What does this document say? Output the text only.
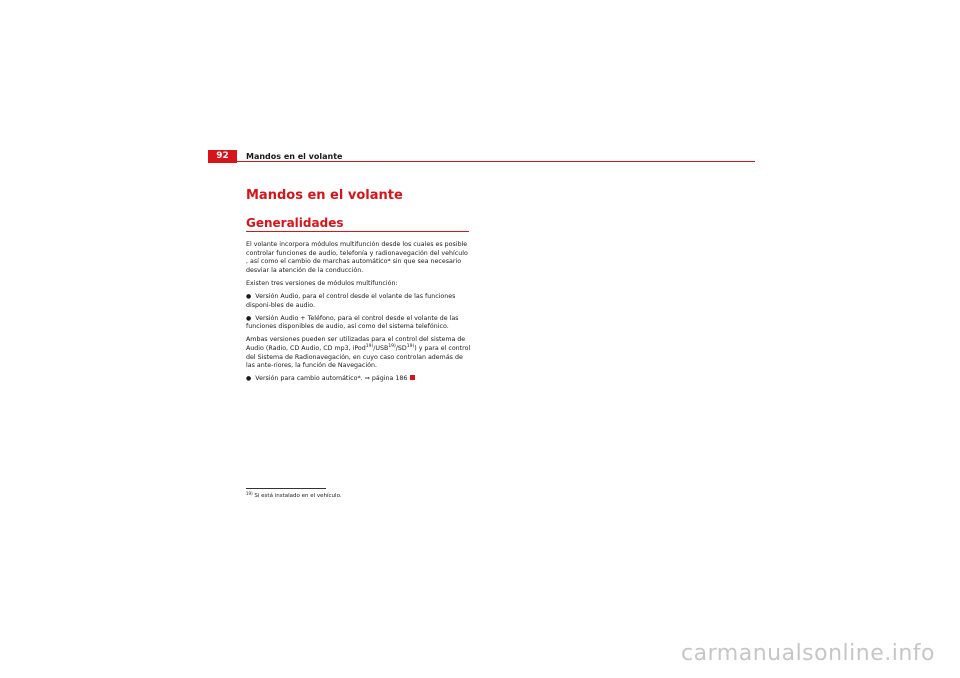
92	Mandos en el volante
Mandos en el volante
Generalidades

El volante incorpora módulos multifunción desde los cuales es posible controlar funciones de audio, telefonía y radionavegación del vehículo , así como el cambio de marchas automático* sin que sea necesario desviar la atención de la conducción.

Existen tres versiones de módulos multifunción:

● Versión Audio, para el control desde el volante de las funciones disponi-bles de audio.

● Versión Audio + Teléfono, para el control desde el volante de las funciones disponibles de audio, así como del sistema telefónico.

Ambas versiones pueden ser utilizadas para el control del sistema de Audio (Radio, CD Audio, CD mp3, iPod$^{19)}$/USB$^{19)}$/SD$^{19)}$) y para el control del Sistema de Radionavegación, en cuyo caso controlan además de las ante-riores, la función de Navegación.

● Versión para cambio automático*. ⇒ página 186

$^{19)}$ Si está instalado en el vehículo.
carmanualsonline.info
